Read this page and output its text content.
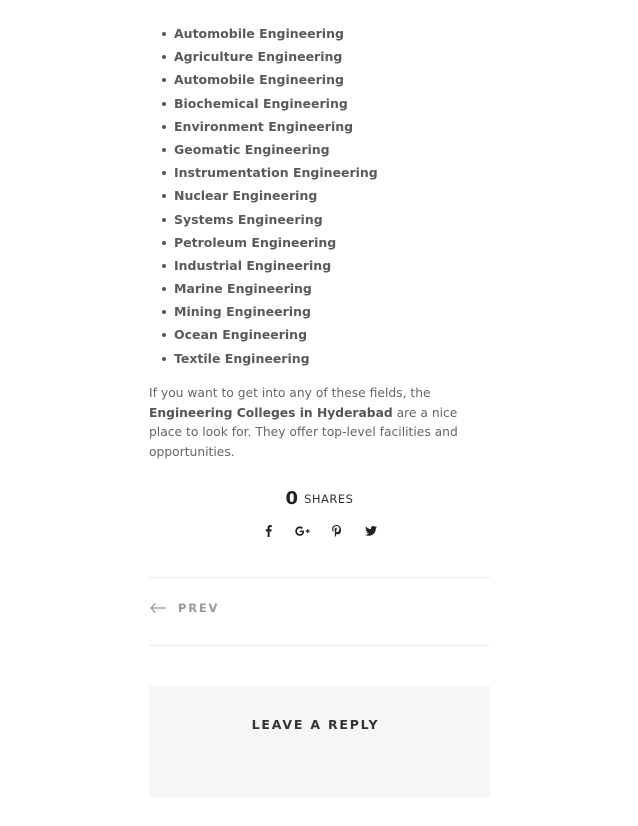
Automobile Engineering
Agriculture Engineering
Automobile Engineering
Biochemical Engineering
Environment Engineering
Geomatic Engineering
Instrumentation Engineering
Nuclear Engineering
Systems Engineering
Petroleum Engineering
Industrial Engineering
Marine Engineering
Mining Engineering
Ocean Engineering
Textile Engineering

If you want to get into any of these fields, the Engineering Colleges in Hyderabad are a nice place to look for. They offer top-level facilities and opportunities.

0 SHARES
PREV
LEAVE A REPLY
